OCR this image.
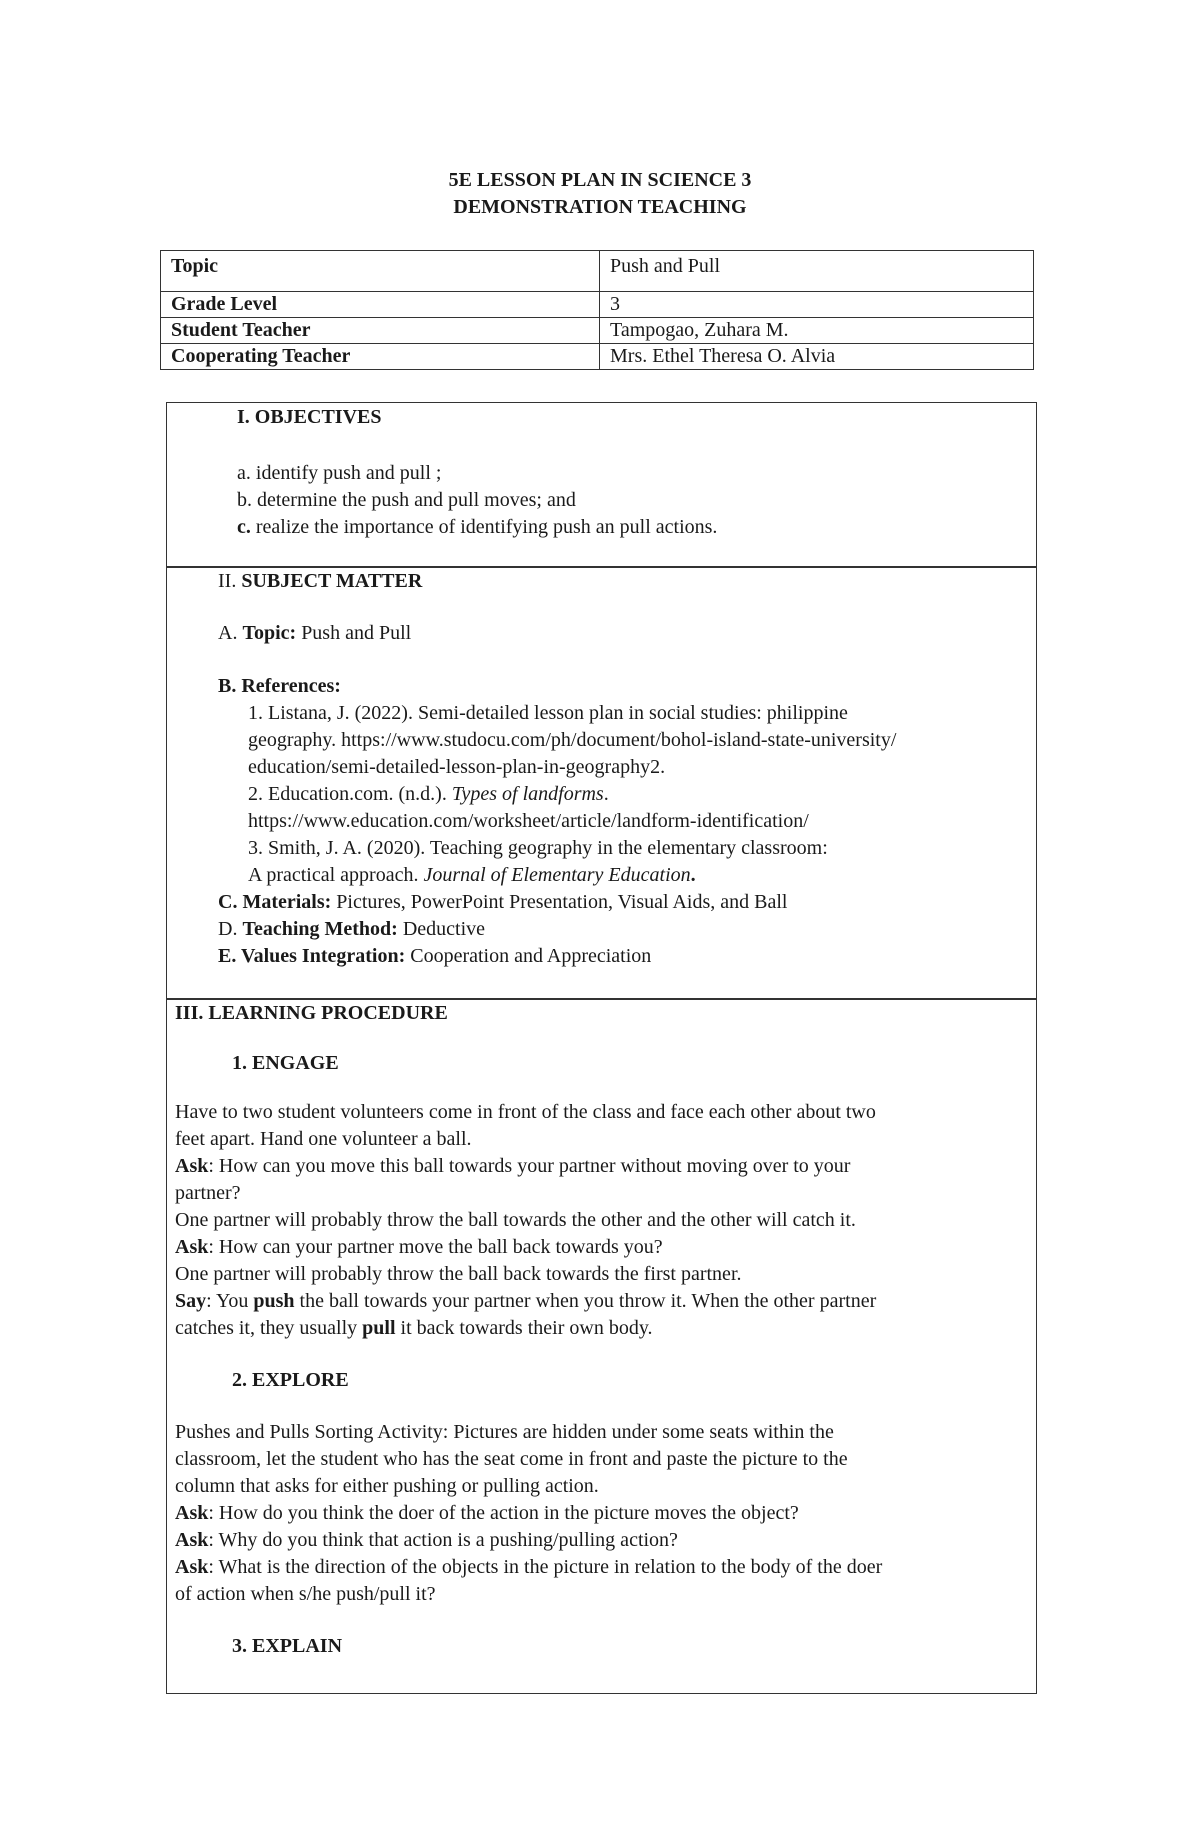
5E LESSON PLAN IN SCIENCE 3
DEMONSTRATION TEACHING
Topic	Push and Pull
Grade Level	3
Student Teacher	Tampogao, Zuhara M.
Cooperating Teacher	Mrs. Ethel Theresa O. Alvia
I. OBJECTIVES
a. identify push and pull ;
b. determine the push and pull moves; and
c. realize the importance of identifying push an pull actions.
II. SUBJECT MATTER
A. Topic: Push and Pull
B. References:
1. Listana, J. (2022). Semi-detailed lesson plan in social studies: philippine
geography. https://www.studocu.com/ph/document/bohol-island-state-university/
education/semi-detailed-lesson-plan-in-geography2.
2. Education.com. (n.d.). Types of landforms.
https://www.education.com/worksheet/article/landform-identification/
3. Smith, J. A. (2020). Teaching geography in the elementary classroom:
A practical approach. Journal of Elementary Education.
C. Materials: Pictures, PowerPoint Presentation, Visual Aids, and Ball
D. Teaching Method: Deductive
E. Values Integration: Cooperation and Appreciation
III. LEARNING PROCEDURE
1. ENGAGE
Have to two student volunteers come in front of the class and face each other about two
feet apart. Hand one volunteer a ball.
Ask: How can you move this ball towards your partner without moving over to your
partner?
One partner will probably throw the ball towards the other and the other will catch it.
Ask: How can your partner move the ball back towards you?
One partner will probably throw the ball back towards the first partner.
Say: You push the ball towards your partner when you throw it. When the other partner
catches it, they usually pull it back towards their own body.
2. EXPLORE
Pushes and Pulls Sorting Activity: Pictures are hidden under some seats within the
classroom, let the student who has the seat come in front and paste the picture to the
column that asks for either pushing or pulling action.
Ask: How do you think the doer of the action in the picture moves the object?
Ask: Why do you think that action is a pushing/pulling action?
Ask: What is the direction of the objects in the picture in relation to the body of the doer
of action when s/he push/pull it?
3. EXPLAIN
